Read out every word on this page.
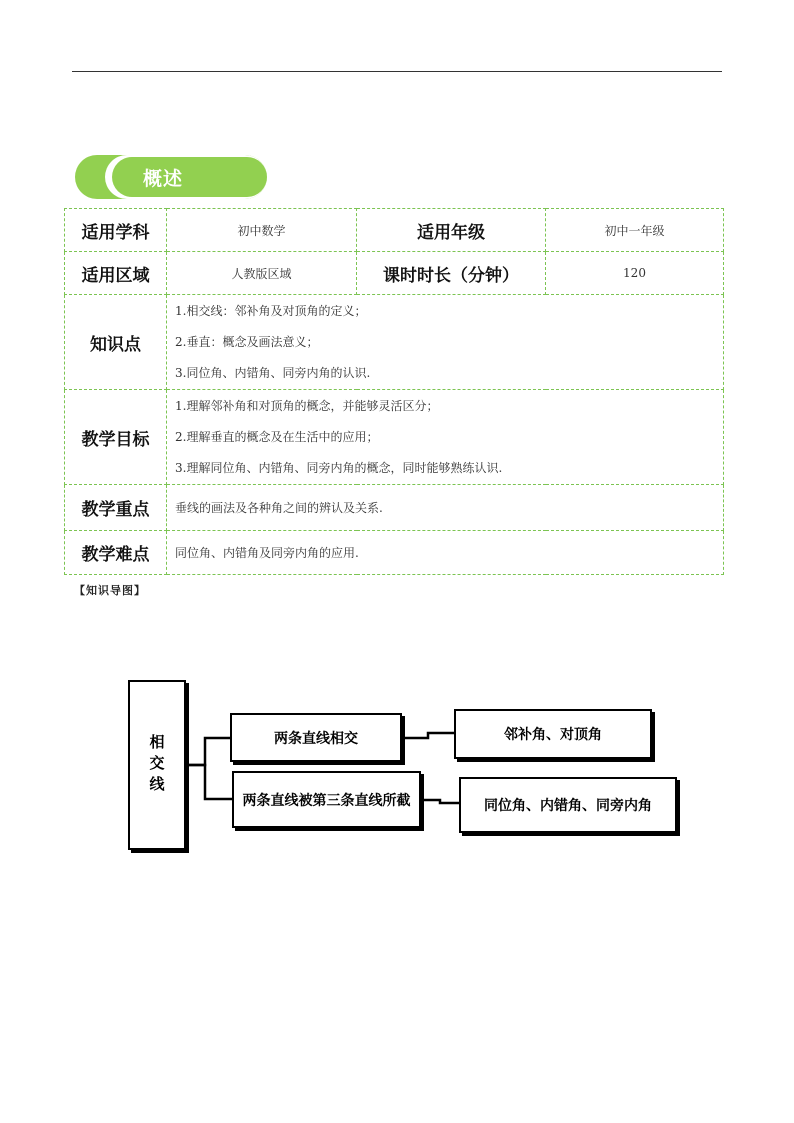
概述
适用学科	初中数学	适用年级	初中一年级
适用区域	人教版区域	课时时长（分钟）	120
知识点	1.相交线：邻补角及对顶角的定义；
2.垂直：概念及画法意义；
3.同位角、内错角、同旁内角的认识.		

教学目标	1.理解邻补角和对顶角的概念，并能够灵活区分；
2.理解垂直的概念及在生活中的应用；
3.理解同位角、内错角、同旁内角的概念，同时能够熟练认识.		

教学重点	垂线的画法及各种角之间的辨认及关系.		
教学难点	同位角、内错角及同旁内角的应用.		
【知识导图】
相交线	两条直线相交	邻补角、对顶角
两条直线被第三条直线所截	同位角、内错角、同旁内角
